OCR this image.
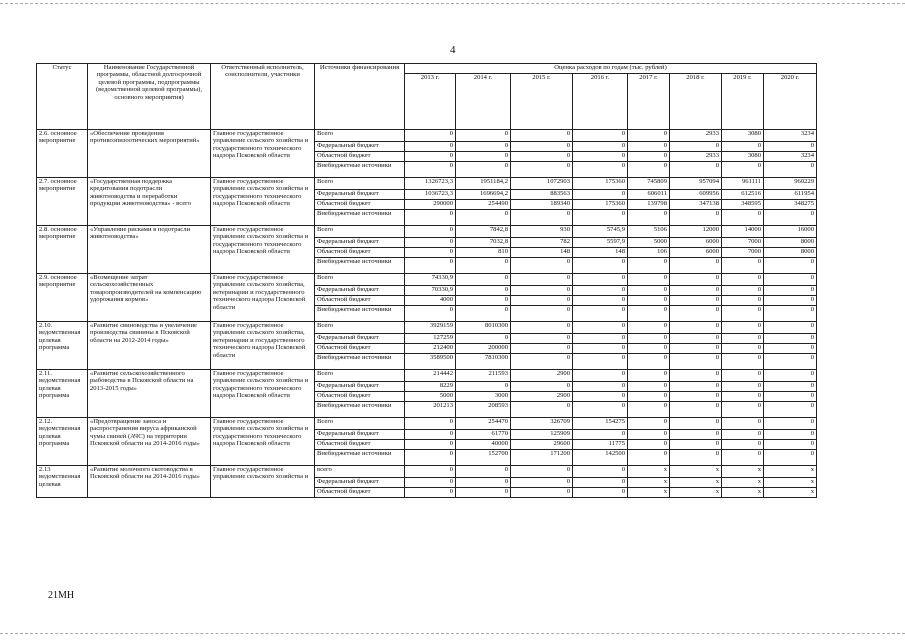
4
Статус	Наименование Государственной программы, областной долгосрочной целевой программы, подпрограммы (ведомственной целевой программы), основного мероприятия)	Ответственный исполнитель, соисполнители, участники	Источники финансирования	Оценка расходов по годам (тыс. рублей)							
				2013 г.	2014 г.	2015 г.	2016 г.	2017 г.	2018 г.	2019 г.	2020 г.
2.6. основное мероприятие	«Обеспечение проведения противоэпизоотических мероприятий»	Главное государственное управление сельского хозяйства и государственного технического надзора Псковской области	Всего	0	0	0	0	0	2933	3080	3234
			Федеральный бюджет	0	0	0	0	0	0	0	0
			Областной бюджет	0	0	0	0	0	2933	3080	3234
			Внебюджетные источники	0	0	0	0	0	0	0	0
2.7. основное мероприятие	«Государственная поддержка кредитования подотрасли животноводства и переработки продукции животноводства» - всего	Главное государственное управление сельского хозяйства и государственного технического надзора Псковской области	Всего	1326723,3	1951184,2	1072903	175360	745809	957094	961111	960229
			Федеральный бюджет	1036723,3	1696694,2	883563	0	606011	609956	612516	611954
			Областной бюджет	290000	254490	189340	175360	139798	347138	348595	348275
			Внебюджетные источники	0	0	0	0	0	0	0	0
2.8. основное мероприятие	«Управление рисками в подотрасли животноводства»	Главное государственное управление сельского хозяйства и государственного технического надзора Псковской области	Всего	0	7842,8	930	5745,9	5106	12000	14000	16000
			Федеральный бюджет	0	7032,8	782	5597,9	5000	6000	7000	8000
			Областной бюджет	0	810	148	148	106	6000	7000	8000
			Внебюджетные источники	0	0	0	0	0	0	0	0
2.9. основное мероприятие	«Возмещение затрат сельскохозяйственных товаропроизводителей на компенсацию удорожания кормов»	Главное государственное управление сельского хозяйства, ветеринарии и государственного технического надзора Псковской области	Всего	74330,9	0	0	0	0	0	0	0
			Федеральный бюджет	70330,9	0	0	0	0	0	0	0
			Областной бюджет	4000	0	0	0	0	0	0	0
			Внебюджетные источники	0	0	0	0	0	0	0	0
2.10. ведомственная целевая программа	«Развитие свиноводства и увеличение производства свинины в Псковской области на 2012-2014 годы»	Главное государственное управление сельского хозяйства, ветеринарии и государственного технического надзора Псковской области	Всего	3929159	8010300	0	0	0	0	0	0
			Федеральный бюджет	127259	0	0	0	0	0	0	0
			Областной бюджет	212400	200000	0	0	0	0	0	0
			Внебюджетные источники	3589500	7810300	0	0	0	0	0	0
2.11. ведомственная целевая программа	«Развитие сельскохозяйственного рыбоводства в Псковской области на 2013-2015 годы»	Главное государственное управление сельского хозяйства и государственного технического надзора Псковской области	Всего	214442	211593	2900	0	0	0	0	0
			Федеральный бюджет	8229	0	0	0	0	0	0	0
			Областной бюджет	5000	3000	2900	0	0	0	0	0
			Внебюджетные источники	201213	208593	0	0	0	0	0	0
2.12. ведомственная целевая программа	«Предотвращение заноса и распространения вируса африканской чумы свиней (АЧС) на территории Псковской области на 2014-2016 годы»	Главное государственное управление сельского хозяйства и государственного технического надзора Псковской области	Всего	0	254470	326709	154275	0	0	0	0
			Федеральный бюджет	0	61770	125909	0	0	0	0	0
			Областной бюджет	0	40000	29600	11775	0	0	0	0
			Внебюджетные источники	0	152700	171200	142500	0	0	0	0
2.13 ведомственная целевая	«Развитие молочного скотоводства в Псковской области на 2014-2016 годы»	Главное государственное управление сельского хозяйства и	всего	0	0	0	0	x	x	x	x
			Федеральный бюджет	0	0	0	0	x	x	x	x
			Областной бюджет	0	0	0	0	x	x	x	x
21МН
